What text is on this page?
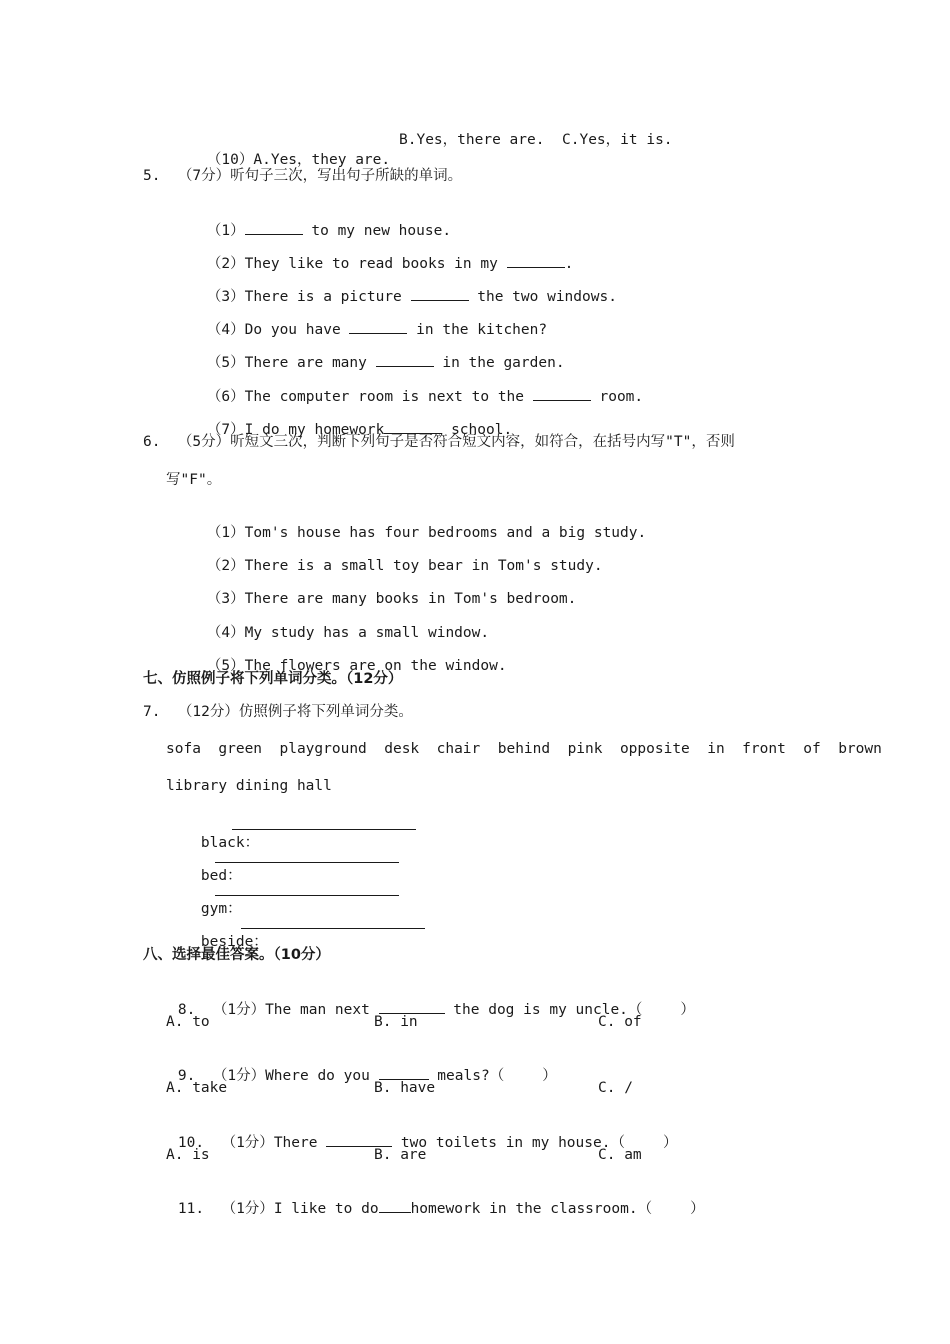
（10）A.Yes，they are.

B.Yes，there are. C.Yes，it is.
5.  （7分）听句子三次，写出句子所缺的单词。

（1）	to my new house.

（2）They like to read books in my	.

（3）There is a picture	the two windows.

（4）Do you have	in the kitchen?

（5）There are many	in the garden.

（6）The computer room is next to the	room.

（7）I do my homework	school.

6.  （5分）听短文三次，判断下列句子是否符合短文内容，如符合，在括号内写"T"，否则
写"F"。

（1）Tom's house has four bedrooms and a big study.

（2）There is a small toy bear in Tom's study.

（3）There are many books in Tom's bedroom.

（4）My study has a small window.

（5）The flowers are on the window.

七、仿照例子将下列单词分类。（12分）
7.  （12分）仿照例子将下列单词分类。
sofa  green  playground  desk  chair  behind  pink  opposite  in  front  of  brown
library dining hall

black：

bed：

gym：

beside：

八、选择最佳答案。（10分）

8.  （1分）The man next	the dog is my uncle.（	）

A. to	B. in	C. of

9.  （1分）Where do you	meals?（	）

A. take	B. have	C. /

10.  （1分）There	two toilets in my house.（	）

A. is	B. are	C. am

11.  （1分）I like to do homework in the classroom.（	）
